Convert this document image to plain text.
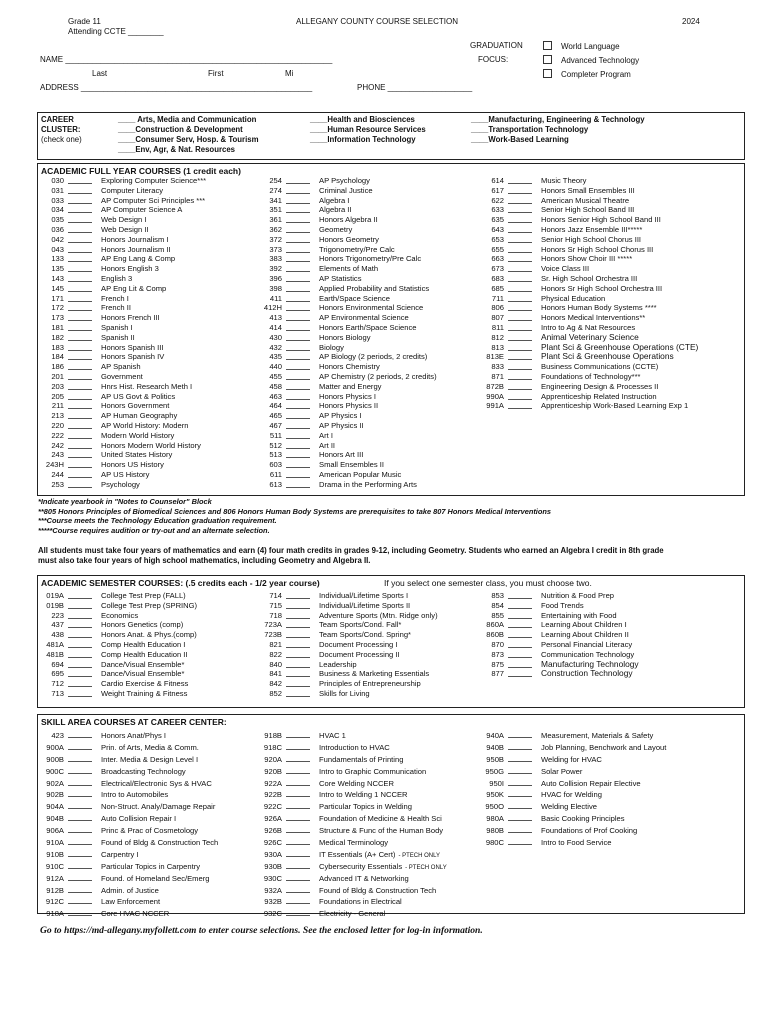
Grade 11
Attending CCTE ________
ALLEGANY COUNTY COURSE SELECTION	2024
GRADUATION
FOCUS:
World Language
Advanced Technology
Completer Program
NAME ____________________________________________________________
Last	First	Mi
ADDRESS ____________________________________________________	PHONE ___________________
CAREER
CLUSTER:
(check one)
____ Arts, Media and Communication
____Construction & Development
____Consumer Serv, Hosp. & Tourism
____Env, Agr, & Nat. Resources
____Health and Biosciences
____Human Resource Services
____Information Technology
____Manufacturing, Engineering & Technology
____Transportation Technology
____Work-Based Learning
ACADEMIC FULL YEAR COURSES (1 credit each)
030	Exploring Computer Science***
031	Computer Literacy
033	AP Computer Sci Principles ***
034	AP Computer Science A
035	Web Design I
036	Web Design II
042	Honors Journalism I
043	Honors Journalism II
133	AP Eng Lang & Comp
135	Honors English 3
143	English 3
145	AP Eng Lit & Comp
171	French I
172	French II
173	Honors French III
181	Spanish I
182	Spanish II
183	Honors Spanish III
184	Honors Spanish IV
186	AP Spanish
201	Government
203	Hnrs Hist. Research Meth I
205	AP US Govt & Politics
211	Honors Government
213	AP Human Geography
220	AP World History: Modern
222	Modern World History
242	Honors Modern World History
243	United States History
243H	Honors US History
244	AP US History
253	Psychology
254	AP Psychology
274	Criminal Justice
341	Algebra I
351	Algebra II
361	Honors Algebra II
362	Geometry
372	Honors Geometry
373	Trigonometry/Pre Calc
383	Honors Trigonometry/Pre Calc
392	Elements of Math
396	AP Statistics
398	Applied Probability and Statistics
411	Earth/Space Science
412H	Honors Environmental Science
413	AP Environmental Science
414	Honors Earth/Space Science
430	Honors Biology
432	Biology
435	AP Biology (2 periods, 2 credits)
440	Honors Chemistry
455	AP Chemistry (2 periods, 2 credits)
458	Matter and Energy
463	Honors Physics I
464	Honors Physics II
465	AP Physics I
467	AP Physics II
511	Art I
512	Art II
513	Honors Art III
603	Small Ensembles II
611	American Popular Music
613	Drama in the Performing Arts
614	Music Theory
617	Honors Small Ensembles III
622	American Musical Theatre
633	Senior High School Band III
635	Honors Senior High School Band III
643	Honors Jazz Ensemble III*****
653	Senior High School Chorus III
655	Honors Sr High School Chorus III
663	Honors Show Choir III *****
673	Voice Class III
683	Sr. High School Orchestra III
685	Honors Sr High School Orchestra III
711	Physical Education
806	Honors Human Body Systems ****
807	Honors Medical Interventions**
811	Intro to Ag & Nat Resources
812	Animal Veterinary Science
813	Plant Sci & Greenhouse Operations (CTE)
813E	Plant Sci & Greenhouse Operations
833	Business Communications (CCTE)
871	Foundations of Technology***
872B	Engineering Design & Processes II
990A	Apprenticeship Related Instruction
991A	Apprenticeship Work-Based Learning Exp 1
*Indicate yearbook in "Notes to Counselor" Block
**805 Honors Principles of Biomedical Sciences and 806 Honors Human Body Systems are prerequisites to take 807 Honors Medical Interventions
***Course meets the Technology Education graduation requirement.
*****Course requires audition or try-out and an alternate selection.
All students must take four years of mathematics and earn (4) four math credits in grades 9-12, including Geometry. Students who earned an Algebra I credit in 8th grade
must also take four years of high school mathematics, including Geometry and Algebra II.
ACADEMIC SEMESTER COURSES: (.5 credits each - 1/2 year course)	If you select one semester class, you must choose two.
019A	College Test Prep (FALL)
019B	College Test Prep (SPRING)
223	Economics
437	Honors Genetics (comp)
438	Honors Anat. & Phys.(comp)
481A	Comp Health Education I
481B	Comp Health Education II
694	Dance/Visual Ensemble*
695	Dance/Visual Ensemble*
712	Cardio Exercise & Fitness
713	Weight Training & Fitness
714	Individual/Lifetime Sports I
715	Individual/Lifetime Sports II
718	Adventure Sports (Mtn. Ridge only)
723A	Team Sports/Cond. Fall*
723B	Team Sports/Cond. Spring*
821	Document Processing I
822	Document Processing II
840	Leadership
841	Business & Marketing Essentials
842	Principles of Entrepreneurship
852	Skills for Living
853	Nutrition & Food Prep
854	Food Trends
855	Entertaining with Food
860A	Learning About Children I
860B	Learning About Children II
870	Personal Financial Literacy
873	Communication Technology
875	Manufacturing Technology
877	Construction Technology
SKILL AREA COURSES AT CAREER CENTER:
423	Honors Anat/Phys I
900A	Prin. of Arts, Media & Comm.
900B	Inter. Media & Design Level I
900C	Broadcasting Technology
902A	Electrical/Electronic Sys & HVAC
902B	Intro to Automobiles
904A	Non-Struct. Analy/Damage Repair
904B	Auto Collision Repair I
906A	Princ & Prac of Cosmetology
910A	Found of Bldg & Construction Tech
910B	Carpentry I
910C	Particular Topics in Carpentry
912A	Found. of Homeland Sec/Emerg
912B	Admin. of Justice
912C	Law Enforcement
918A	Core HVAC NCCER
918B	HVAC 1
918C	Introduction to HVAC
920A	Fundamentals of Printing
920B	Intro to Graphic Communication
922A	Core Welding NCCER
922B	Intro to Welding 1 NCCER
922C	Particular Topics in Welding
926A	Foundation of Medicine & Health Sci
926B	Structure & Func of the Human Body
926C	Medical Terminology
930A	IT Essentials (A+ Cert) - PTECH ONLY
930B	Cybersecurity Essentials - PTECH ONLY
930C	Advanced IT & Networking
932A	Found of Bldg & Construction Tech
932B	Foundations in Electrical
932C	Electricity - General
940A	Measurement, Materials & Safety
940B	Job Planning, Benchwork and Layout
950B	Welding for HVAC
950G	Solar Power
950I	Auto Collision Repair Elective
950K	HVAC for Welding
950O	Welding Elective
980A	Basic Cooking Principles
980B	Foundations of Prof Cooking
980C	Intro to Food Service
Go to https://md-allegany.myfollett.com to enter course selections. See the enclosed letter for log-in information.
